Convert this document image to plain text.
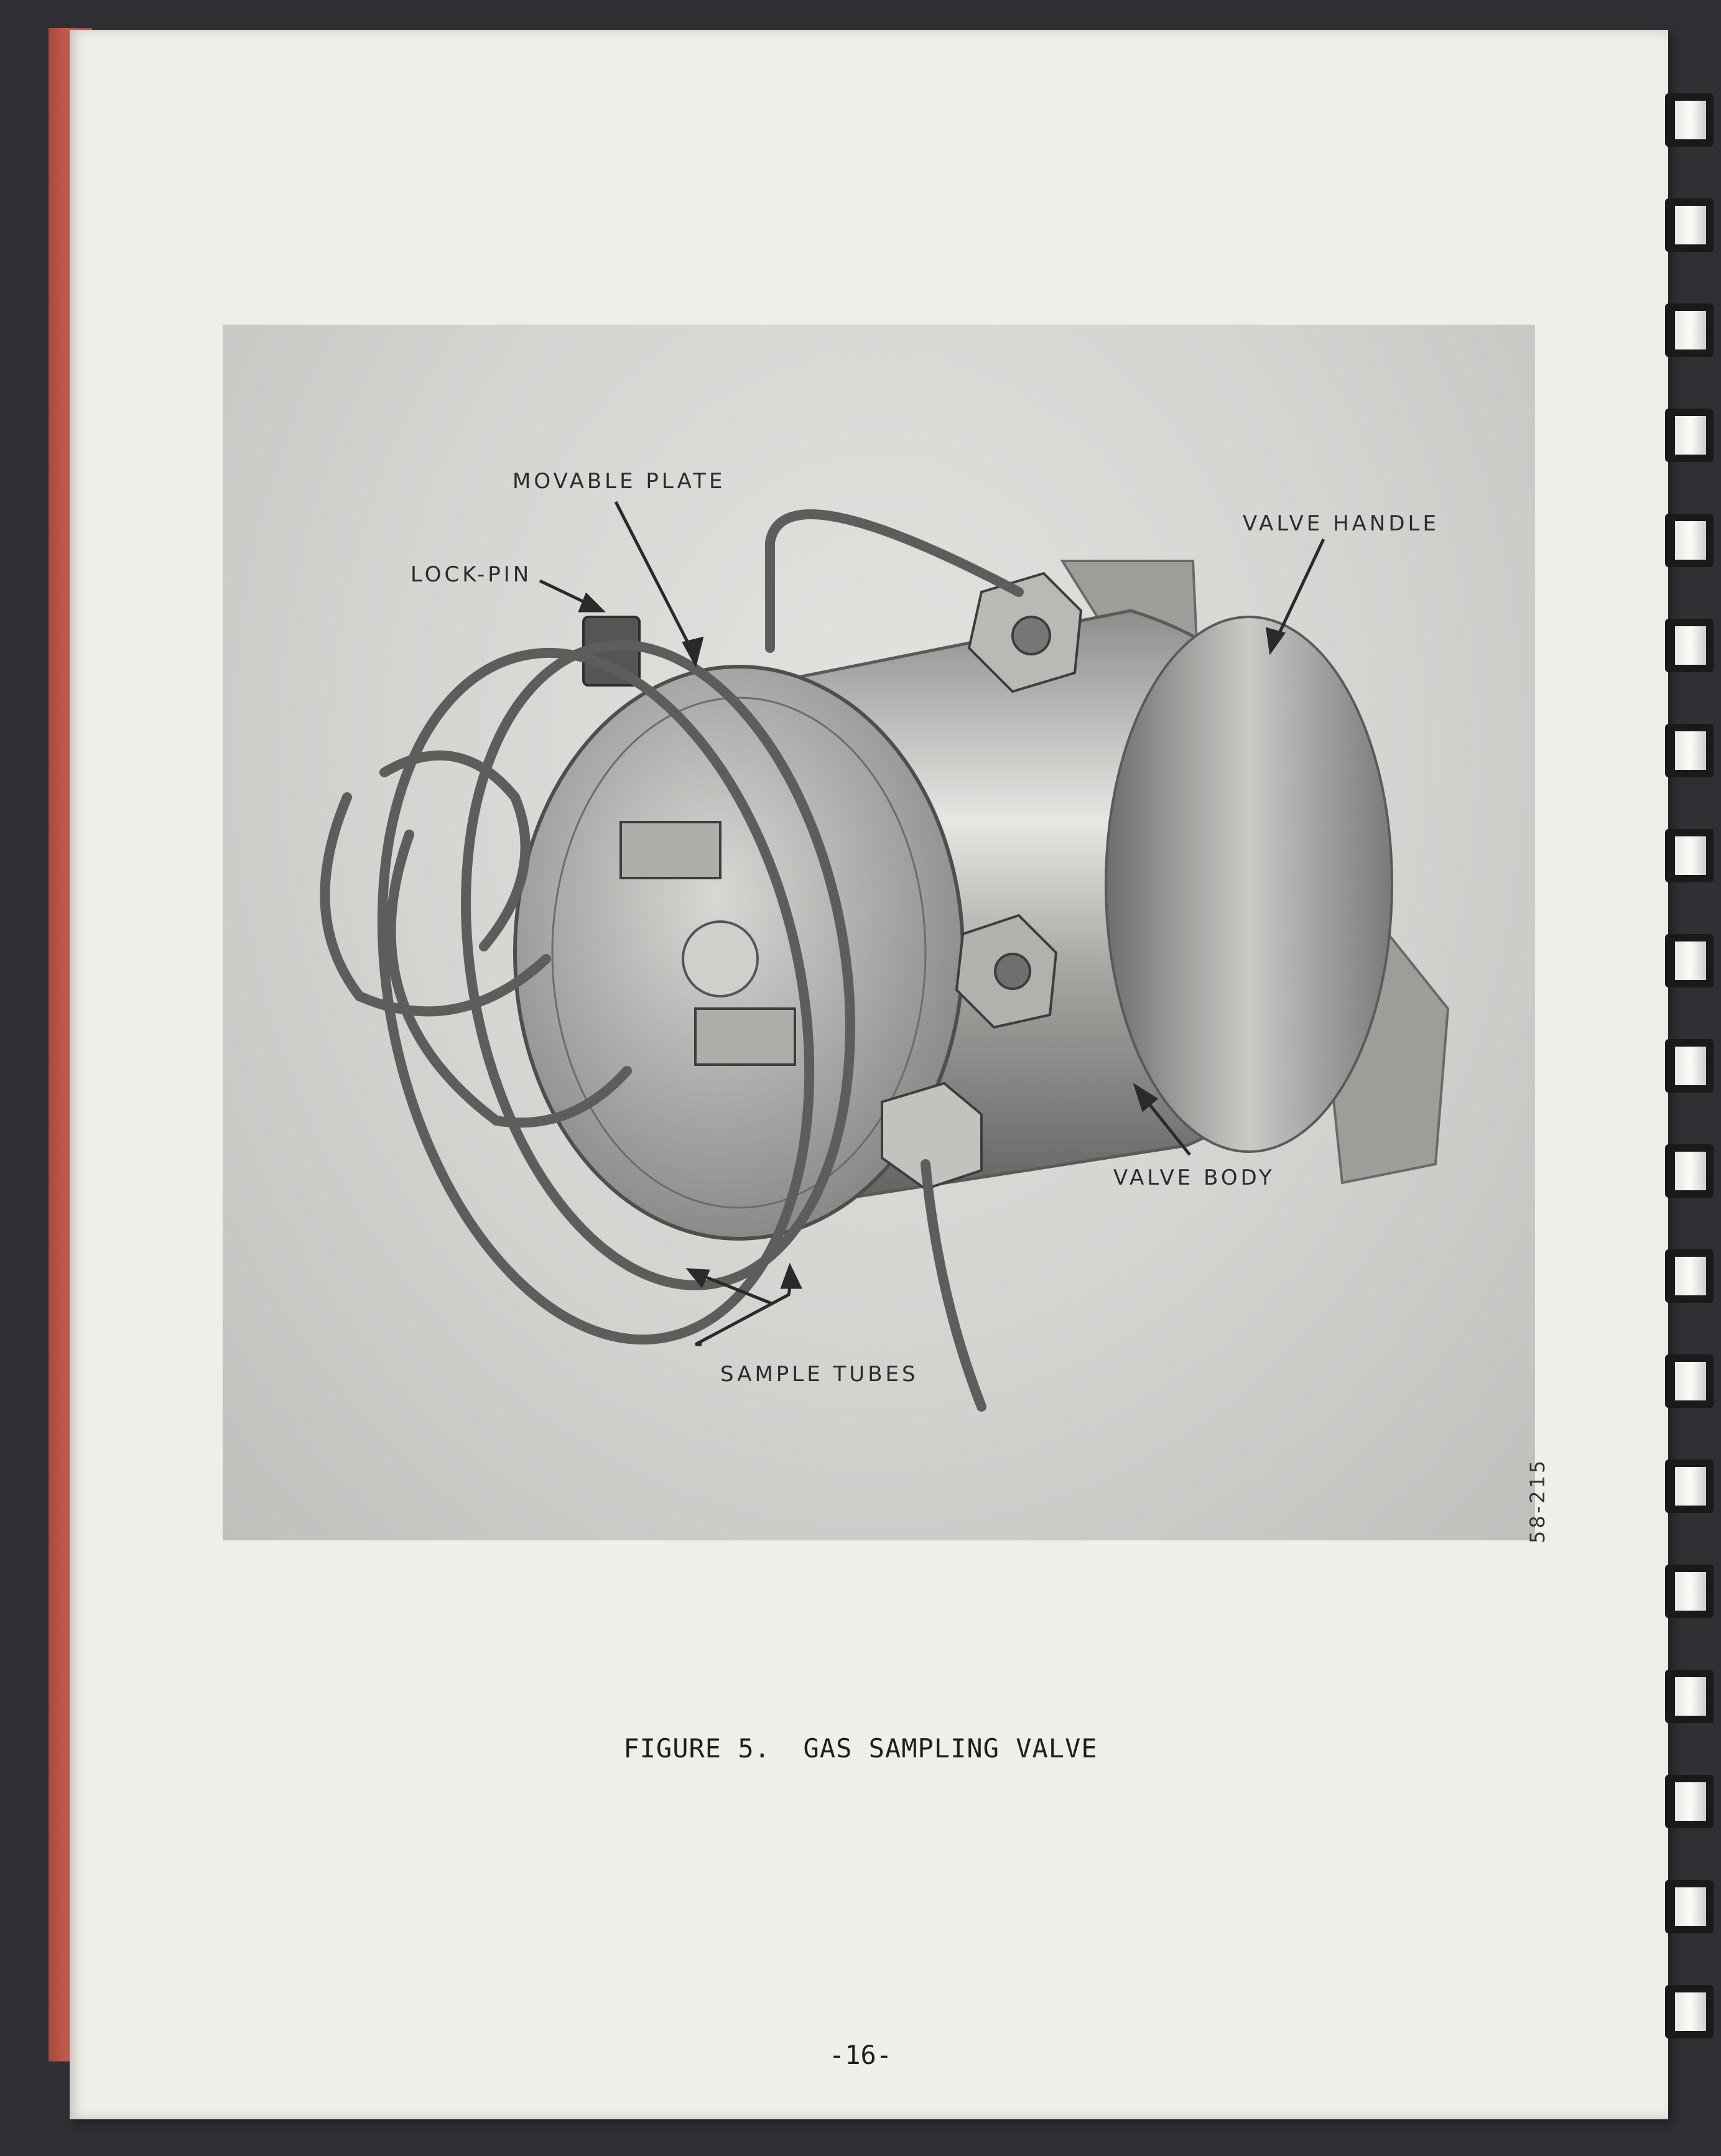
MOVABLE PLATE
LOCK-PIN
VALVE HANDLE
VALVE BODY
SAMPLE TUBES
58-215
FIGURE 5.  GAS SAMPLING VALVE
-16-
